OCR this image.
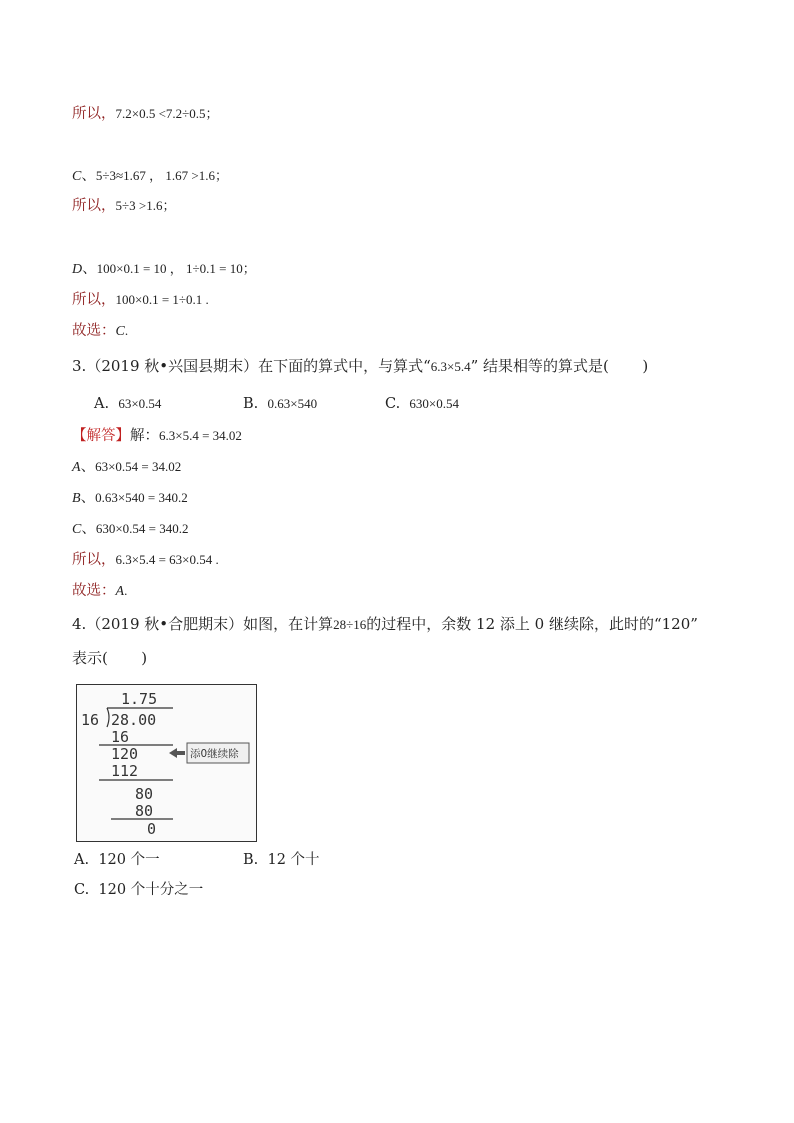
所以，7.2×0.5 <7.2÷0.5；
C、5÷3≈1.67 ， 1.67 >1.6；
所以，5÷3 >1.6；
D、100×0.1 = 10 ， 1÷0.1 = 10；
所以，100×0.1 = 1÷0.1 .
故选：C.
3.（2019 秋•兴国县期末）在下面的算式中，与算式“6.3×5.4” 结果相等的算式是( )
A. 63×0.54	B. 0.63×540	C. 630×0.54
【解答】解：6.3×5.4 = 34.02
A、63×0.54 = 34.02
B、0.63×540 = 340.2
C、630×0.54 = 340.2
所以，6.3×5.4 = 63×0.54 .
故选：A.
4.（2019 秋•合肥期末）如图，在计算28÷16的过程中，余数 12 添上 0 继续除，此时的“120”
表示( )
1.75
16 28.00
16
120
112
80
80
0
添0继续除
A. 120 个一	B. 12 个十
C. 120 个十分之一
